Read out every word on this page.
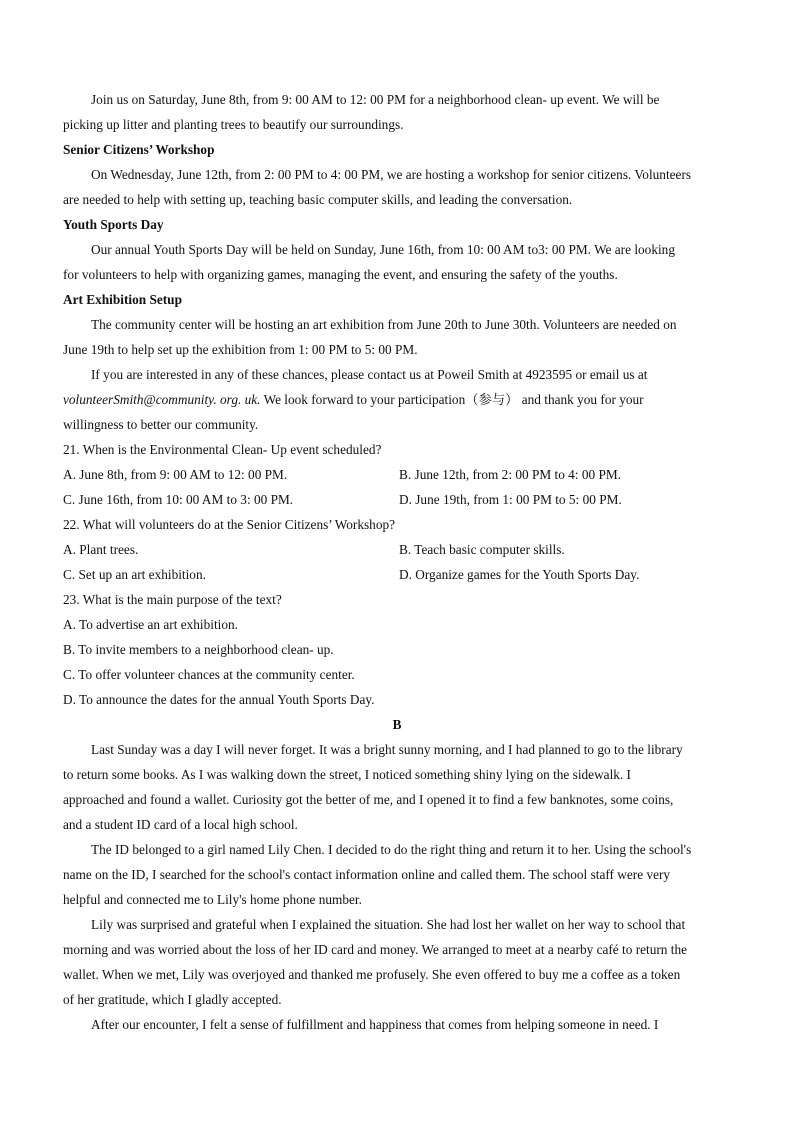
Join us on Saturday, June 8th, from 9: 00 AM to 12: 00 PM for a neighborhood clean- up event. We will be
picking up litter and planting trees to beautify our surroundings.

Senior Citizens’ Workshop

On Wednesday, June 12th, from 2: 00 PM to 4: 00 PM, we are hosting a workshop for senior citizens. Volunteers
are needed to help with setting up, teaching basic computer skills, and leading the conversation.

Youth Sports Day

Our annual Youth Sports Day will be held on Sunday, June 16th, from 10: 00 AM to3: 00 PM. We are looking
for volunteers to help with organizing games, managing the event, and ensuring the safety of the youths.

Art Exhibition Setup

The community center will be hosting an art exhibition from June 20th to June 30th. Volunteers are needed on
June 19th to help set up the exhibition from 1: 00 PM to 5: 00 PM.

If you are interested in any of these chances, please contact us at Poweil Smith at 4923595 or email us at
volunteerSmith@community. org. uk. We look forward to your participation（参与） and thank you for your
willingness to better our community.

21. When is the Environmental Clean- Up event scheduled?

A. June 8th, from 9: 00 AM to 12: 00 PM.	B. June 12th, from 2: 00 PM to 4: 00 PM.
C. June 16th, from 10: 00 AM to 3: 00 PM.	D. June 19th, from 1: 00 PM to 5: 00 PM.

22. What will volunteers do at the Senior Citizens’ Workshop?

A. Plant trees.	B. Teach basic computer skills.
C. Set up an art exhibition.	D. Organize games for the Youth Sports Day.

23. What is the main purpose of the text?

A. To advertise an art exhibition.

B. To invite members to a neighborhood clean- up.

C. To offer volunteer chances at the community center.

D. To announce the dates for the annual Youth Sports Day.

B

Last Sunday was a day I will never forget. It was a bright sunny morning, and I had planned to go to the library
to return some books. As I was walking down the street, I noticed something shiny lying on the sidewalk. I
approached and found a wallet. Curiosity got the better of me, and I opened it to find a few banknotes, some coins,
and a student ID card of a local high school.

The ID belonged to a girl named Lily Chen. I decided to do the right thing and return it to her. Using the school's
name on the ID, I searched for the school's contact information online and called them. The school staff were very
helpful and connected me to Lily's home phone number.

Lily was surprised and grateful when I explained the situation. She had lost her wallet on her way to school that
morning and was worried about the loss of her ID card and money. We arranged to meet at a nearby café to return the
wallet. When we met, Lily was overjoyed and thanked me profusely. She even offered to buy me a coffee as a token
of her gratitude, which I gladly accepted.

After our encounter, I felt a sense of fulfillment and happiness that comes from helping someone in need. I
